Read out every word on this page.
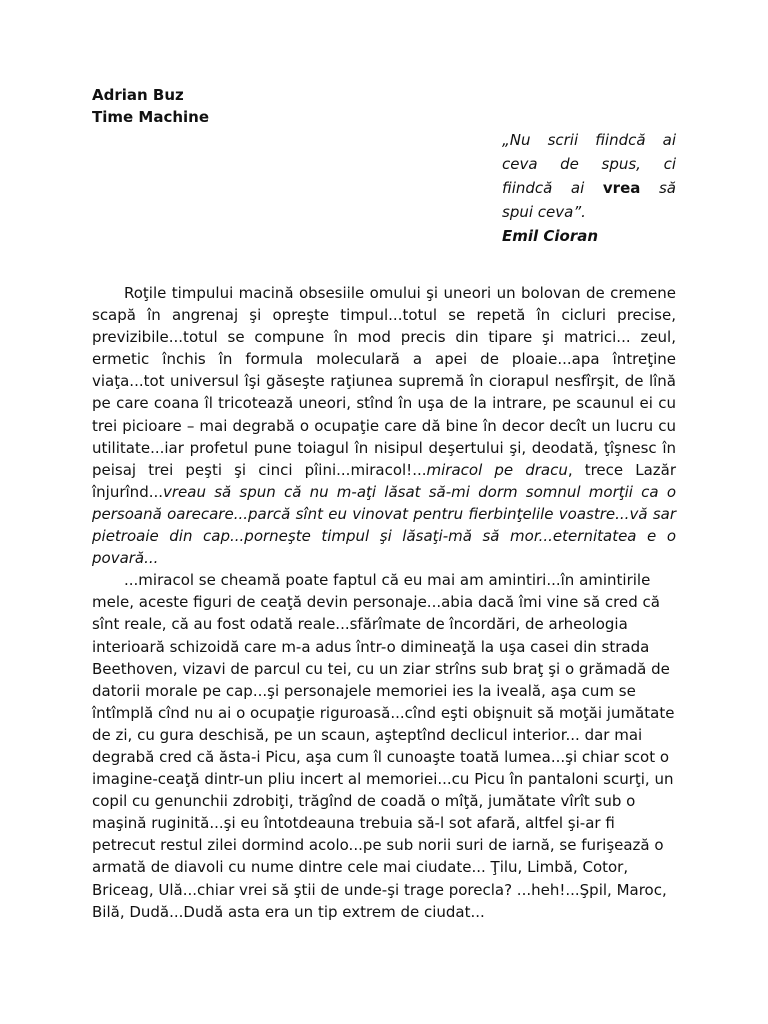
Adrian Buz
Time Machine
„Nu scrii fiindcă ai
ceva de spus, ci
fiindcă ai vrea să
spui ceva”.
Emil Cioran

Roţile timpului macină obsesiile omului şi uneori un bolovan de cremene scapă în angrenaj şi opreşte timpul...totul se repetă în cicluri precise, previzibile...totul se compune în mod precis din tipare şi matrici... zeul, ermetic închis în formula moleculară a apei de ploaie...apa întreţine viaţa...tot universul îşi găseşte raţiunea supremă în ciorapul nesfîrşit, de lînă pe care coana îl tricotează uneori, stînd în uşa de la intrare, pe scaunul ei cu trei picioare – mai degrabă o ocupaţie care dă bine în decor decît un lucru cu utilitate...iar profetul pune toiagul în nisipul deşertului şi, deodată, ţîşnesc în peisaj trei peşti şi cinci pîini...miracol!...miracol pe dracu, trece Lazăr înjurînd...vreau să spun că nu m-aţi lăsat să-mi dorm somnul morţii ca o persoană oarecare...parcă sînt eu vinovat pentru fierbinţelile voastre...vă sar pietroaie din cap...porneşte timpul şi lăsaţi-mă să mor...eternitatea e o povară...

...miracol se cheamă poate faptul că eu mai am amintiri...în amintirile mele, aceste figuri de ceaţă devin personaje...abia dacă îmi vine să cred că sînt reale, că au fost odată reale...sfărîmate de încordări, de arheologia interioară schizoidă care m-a adus într-o dimineaţă la uşa casei din strada Beethoven, vizavi de parcul cu tei, cu un ziar strîns sub braţ şi o grămadă de datorii morale pe cap...şi personajele memoriei ies la iveală, aşa cum se întîmplă cînd nu ai o ocupaţie riguroasă...cînd eşti obişnuit să moţăi jumătate de zi, cu gura deschisă, pe un scaun, aşteptînd declicul interior... dar mai degrabă cred că ăsta-i Picu, aşa cum îl cunoaşte toată lumea...şi chiar scot o imagine-ceaţă dintr-un pliu incert al memoriei...cu Picu în pantaloni scurţi, un copil cu genunchii zdrobiţi, trăgînd de coadă o mîţă, jumătate vîrît sub o maşină ruginită...şi eu întotdeauna trebuia să-l sot afară, altfel şi-ar fi petrecut restul zilei dormind acolo...pe sub norii suri de iarnă, se furişează o armată de diavoli cu nume dintre cele mai ciudate... Ţilu, Limbă, Cotor, Briceag, Ulă...chiar vrei să ştii de unde-şi trage porecla? ...heh!...Şpil, Maroc, Bilă, Dudă...Dudă asta era un tip extrem de ciudat...
